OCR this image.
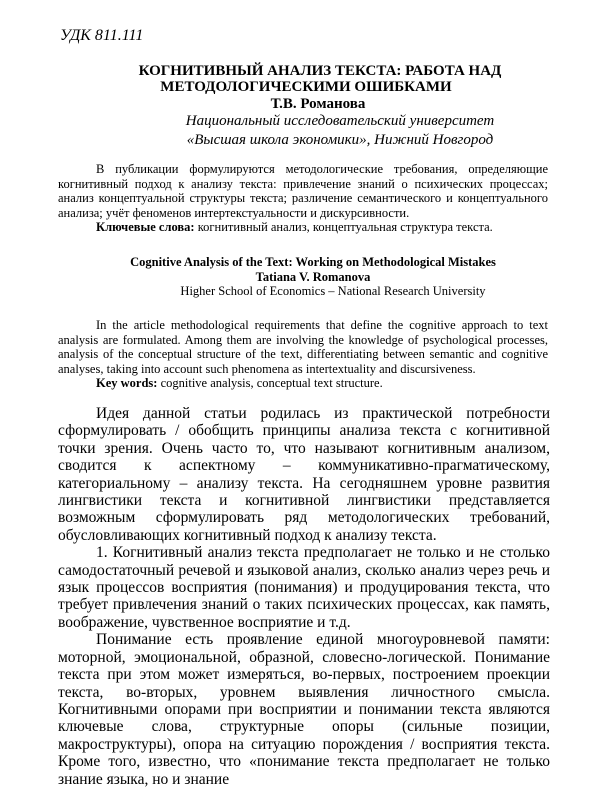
УДК 811.111
КОГНИТИВНЫЙ АНАЛИЗ ТЕКСТА: РАБОТА НАД
МЕТОДОЛОГИЧЕСКИМИ ОШИБКАМИ
Т.В. Романова
Национальный исследовательский университет
«Высшая школа экономики», Нижний Новгород

В публикации формулируются методологические требования, определяющие когнитивный подход к анализу текста: привлечение знаний о психических процессах; анализ концептуальной структуры текста; различение семантического и концептуального анализа; учёт феноменов интертекстуальности и дискурсивности.

Ключевые слова: когнитивный анализ, концептуальная структура текста.

Cognitive Analysis of the Text: Working on Methodological Mistakes
Tatiana V. Romanova
Higher School of Economics – National Research University

In the article methodological requirements that define the cognitive approach to text analysis are formulated. Among them are involving the knowledge of psychological processes, analysis of the conceptual structure of the text, differentiating between semantic and cognitive analyses, taking into account such phenomena as intertextuality and discursiveness.

Key words: cognitive analysis, conceptual text structure.

Идея данной статьи родилась из практической потребности сформулировать / обобщить принципы анализа текста с когнитивной точки зрения. Очень часто то, что называют когнитивным анализом, сводится к аспектному – коммуникативно-прагматическому, категориальному – анализу текста. На сегодняшнем уровне развития лингвистики текста и когнитивной лингвистики представляется возможным сформулировать ряд методологических требований, обусловливающих когнитивный подход к анализу текста.

1. Когнитивный анализ текста предполагает не только и не столько самодостаточный речевой и языковой анализ, сколько анализ через речь и язык процессов восприятия (понимания) и продуцирования текста, что требует привлечения знаний о таких психических процессах, как память, воображение, чувственное восприятие и т.д.

Понимание есть проявление единой многоуровневой памяти: моторной, эмоциональной, образной, словесно-логической. Понимание текста при этом может измеряться, во-первых, построением проекции текста, во-вторых, уровнем выявления личностного смысла. Когнитивными опорами при восприятии и понимании текста являются ключевые слова, структурные опоры (сильные позиции, макроструктуры), опора на ситуацию порождения / восприятия текста. Кроме того, известно, что «понимание текста предполагает не только знание языка, но и знание
